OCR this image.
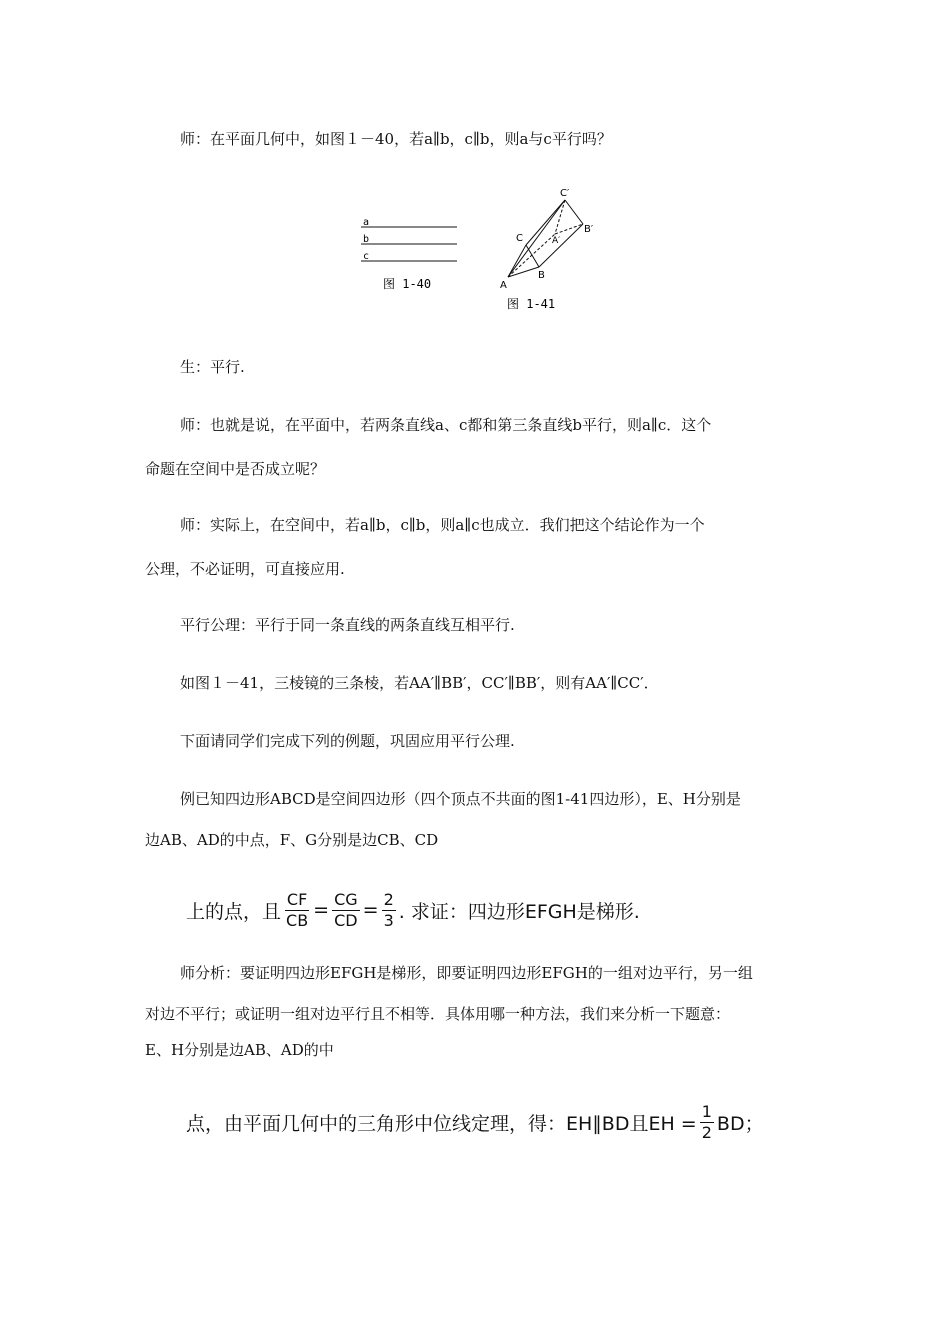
师：在平面几何中，如图１－40，若a∥b，c∥b，则a与c平行吗？
a
b
c
图 1-40	A
B
C	A′
B′
C′
图 1-41
生：平行.
师：也就是说，在平面中，若两条直线a、c都和第三条直线b平行，则a∥c．这个
命题在空间中是否成立呢？
师：实际上，在空间中，若a∥b，c∥b，则a∥c也成立．我们把这个结论作为一个
公理，不必证明，可直接应用.
平行公理：平行于同一条直线的两条直线互相平行.
如图１－41，三棱镜的三条棱，若AA′∥BB′，CC′∥BB′，则有AA′∥CC′．
下面请同学们完成下列的例题，巩固应用平行公理.
例已知四边形ABCD是空间四边形（四个顶点不共面的图1-41四边形），E、H分别是
边AB、AD的中点，F、G分别是边CB、CD
上的点，且 $\frac{CF}{CB} = \frac{CG}{CD} = \frac{2}{3}$ . 求证：四边形EFGH是梯形.
师分析：要证明四边形EFGH是梯形，即要证明四边形EFGH的一组对边平行，另一组
对边不平行；或证明一组对边平行且不相等．具体用哪一种方法，我们来分析一下题意：
E、H分别是边AB、AD的中
点，由平面几何中的三角形中位线定理，得：EH∥BD且EH = $\frac{1}{2}$ BD；
